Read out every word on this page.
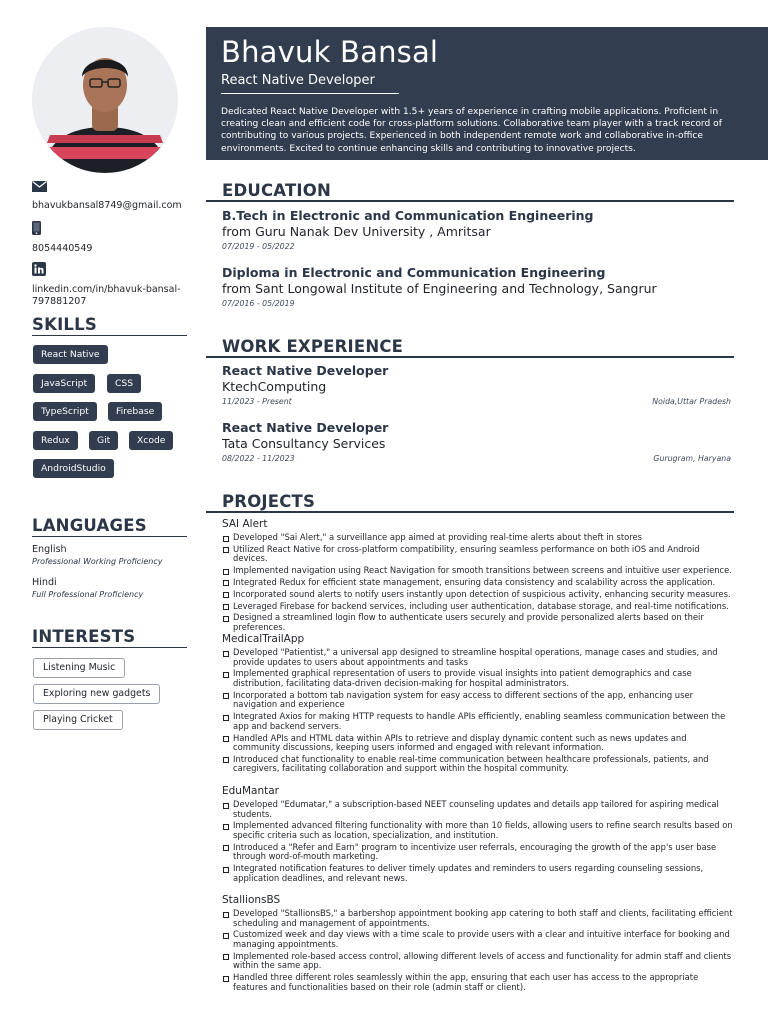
Bhavuk Bansal
React Native Developer
Dedicated React Native Developer with 1.5+ years of experience in crafting mobile applications. Proficient in creating clean and efficient code for cross-platform solutions. Collaborative team player with a track record of contributing to various projects. Experienced in both independent remote work and collaborative in-office environments. Excited to continue enhancing skills and contributing to innovative projects.
bhavukbansal8749@gmail.com
8054440549
linkedin.com/in/bhavuk-bansal-797881207
SKILLS
React Native
JavaScript	CSS
TypeScript	Firebase
Redux	Git	Xcode
AndroidStudio
LANGUAGES
English
Professional Working Proficiency
Hindi
Full Professional Proficiency
INTERESTS
Listening Music
Exploring new gadgets
Playing Cricket
EDUCATION
B.Tech in Electronic and Communication Engineering
from Guru Nanak Dev University , Amritsar
07/2019 - 05/2022
Diploma in Electronic and Communication Engineering
from Sant Longowal Institute of Engineering and Technology, Sangrur
07/2016 - 05/2019
WORK EXPERIENCE
React Native Developer
KtechComputing
11/2023 - Present	Noida,Uttar Pradesh
React Native Developer
Tata Consultancy Services
08/2022 - 11/2023	Gurugram, Haryana
PROJECTS
SAI Alert
Developed "Sai Alert," a surveillance app aimed at providing real-time alerts about theft in stores
Utilized React Native for cross-platform compatibility, ensuring seamless performance on both iOS and Android devices.
Implemented navigation using React Navigation for smooth transitions between screens and intuitive user experience.
Integrated Redux for efficient state management, ensuring data consistency and scalability across the application.
Incorporated sound alerts to notify users instantly upon detection of suspicious activity, enhancing security measures.
Leveraged Firebase for backend services, including user authentication, database storage, and real-time notifications.
Designed a streamlined login flow to authenticate users securely and provide personalized alerts based on their preferences.
MedicalTrailApp
Developed "Patientist," a universal app designed to streamline hospital operations, manage cases and studies, and provide updates to users about appointments and tasks
Implemented graphical representation of users to provide visual insights into patient demographics and case distribution, facilitating data-driven decision-making for hospital administrators.
Incorporated a bottom tab navigation system for easy access to different sections of the app, enhancing user navigation and experience
Integrated Axios for making HTTP requests to handle APIs efficiently, enabling seamless communication between the app and backend servers.
Handled APIs and HTML data within APIs to retrieve and display dynamic content such as news updates and community discussions, keeping users informed and engaged with relevant information.
Introduced chat functionality to enable real-time communication between healthcare professionals, patients, and caregivers, facilitating collaboration and support within the hospital community.
EduMantar
Developed "Edumatar," a subscription-based NEET counseling updates and details app tailored for aspiring medical students.
Implemented advanced filtering functionality with more than 10 fields, allowing users to refine search results based on specific criteria such as location, specialization, and institution.
Introduced a "Refer and Earn" program to incentivize user referrals, encouraging the growth of the app's user base through word-of-mouth marketing.
Integrated notification features to deliver timely updates and reminders to users regarding counseling sessions, application deadlines, and relevant news.
StallionsBS
Developed "StallionsBS," a barbershop appointment booking app catering to both staff and clients, facilitating efficient scheduling and management of appointments.
Customized week and day views with a time scale to provide users with a clear and intuitive interface for booking and managing appointments.
Implemented role-based access control, allowing different levels of access and functionality for admin staff and clients within the same app.
Handled three different roles seamlessly within the app, ensuring that each user has access to the appropriate features and functionalities based on their role (admin staff or client).
